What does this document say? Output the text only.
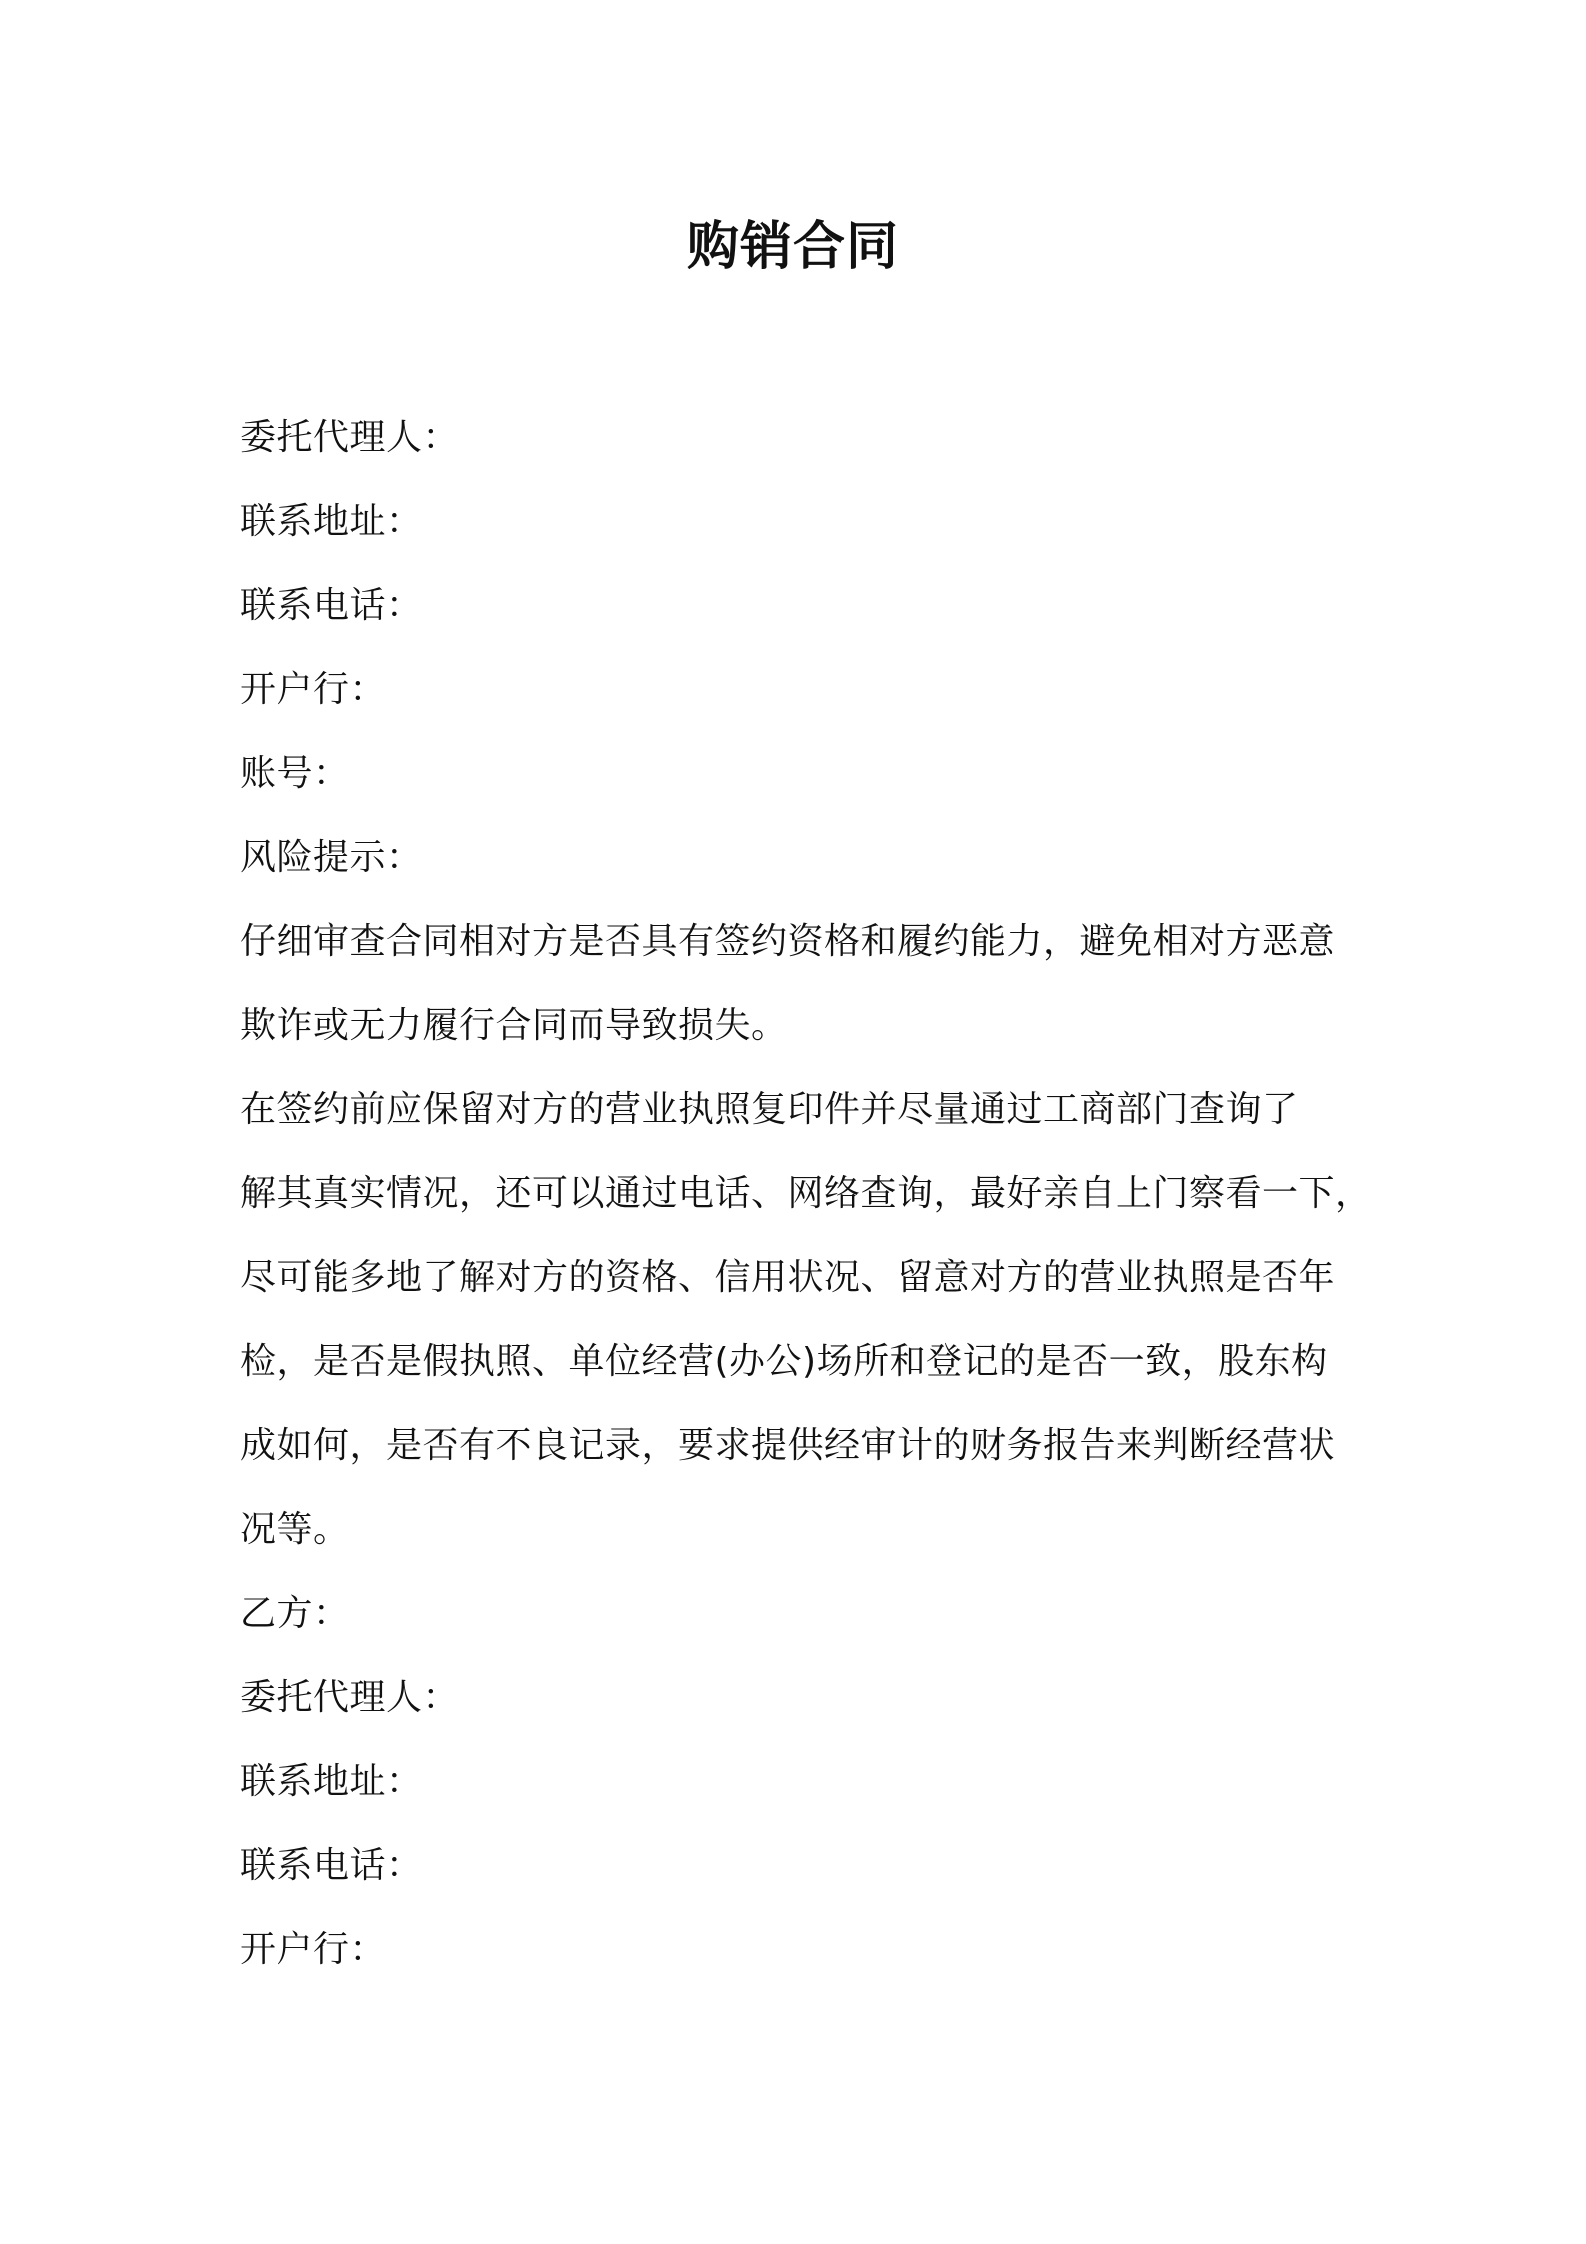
购销合同
委托代理人：
联系地址：
联系电话：
开户行：
账号：
风险提示：
仔细审查合同相对方是否具有签约资格和履约能力，避免相对方恶意
欺诈或无力履行合同而导致损失。
在签约前应保留对方的营业执照复印件并尽量通过工商部门查询了
解其真实情况，还可以通过电话、网络查询，最好亲自上门察看一下，
尽可能多地了解对方的资格、信用状况、留意对方的营业执照是否年
检，是否是假执照、单位经营(办公)场所和登记的是否一致，股东构
成如何，是否有不良记录，要求提供经审计的财务报告来判断经营状
况等。
乙方：
委托代理人：
联系地址：
联系电话：
开户行：
